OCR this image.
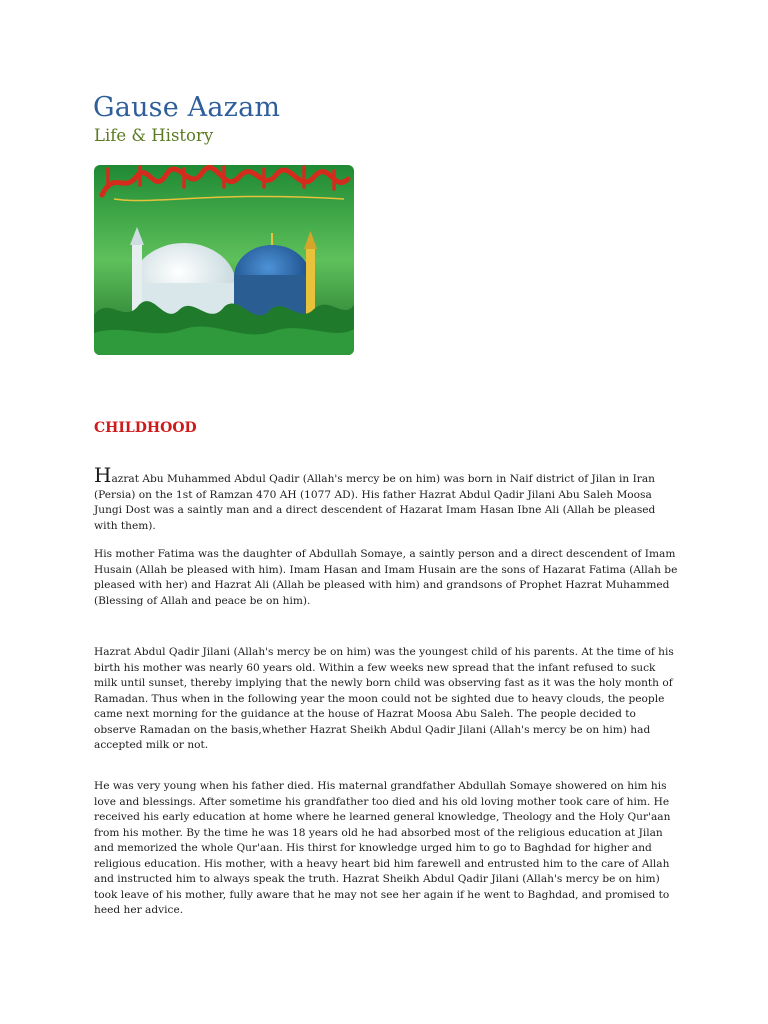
Gause Aazam
Life & History
CHILDHOOD

Hazrat Abu Muhammed Abdul Qadir (Allah's mercy be on him) was born in Naif district of Jilan in Iran (Persia) on the 1st of Ramzan 470 AH (1077 AD). His father Hazrat Abdul Qadir Jilani Abu Saleh Moosa Jungi Dost was a saintly man and a direct descendent of Hazarat Imam Hasan Ibne Ali (Allah be pleased with them).

His mother Fatima was the daughter of Abdullah Somaye, a saintly person and a direct descendent of Imam Husain (Allah be pleased with him). Imam Hasan and Imam Husain are the sons of Hazarat Fatima (Allah be pleased with her) and Hazrat Ali (Allah be pleased with him) and grandsons of Prophet Hazrat Muhammed (Blessing of Allah and peace be on him).

Hazrat Abdul Qadir Jilani (Allah's mercy be on him) was the youngest child of his parents. At the time of his birth his mother was nearly 60 years old. Within a few weeks new spread that the infant refused to suck milk until sunset, thereby implying that the newly born child was observing fast as it was the holy month of Ramadan. Thus when in the following year the moon could not be sighted due to heavy clouds, the people came next morning for the guidance at the house of Hazrat Moosa Abu Saleh. The people decided to observe Ramadan on the basis,whether Hazrat Sheikh Abdul Qadir Jilani (Allah's mercy be on him) had accepted milk or not.

He was very young when his father died. His maternal grandfather Abdullah Somaye showered on him his love and blessings. After sometime his grandfather too died and his old loving mother took care of him. He received his early education at home where he learned general knowledge, Theology and the Holy Qur'aan from his mother. By the time he was 18 years old he had absorbed most of the religious education at Jilan and memorized the whole Qur'aan. His thirst for knowledge urged him to go to Baghdad for higher and religious education. His mother, with a heavy heart bid him farewell and entrusted him to the care of Allah and instructed him to always speak the truth. Hazrat Sheikh Abdul Qadir Jilani (Allah's mercy be on him) took leave of his mother, fully aware that he may not see her again if he went to Baghdad, and promised to heed her advice.
